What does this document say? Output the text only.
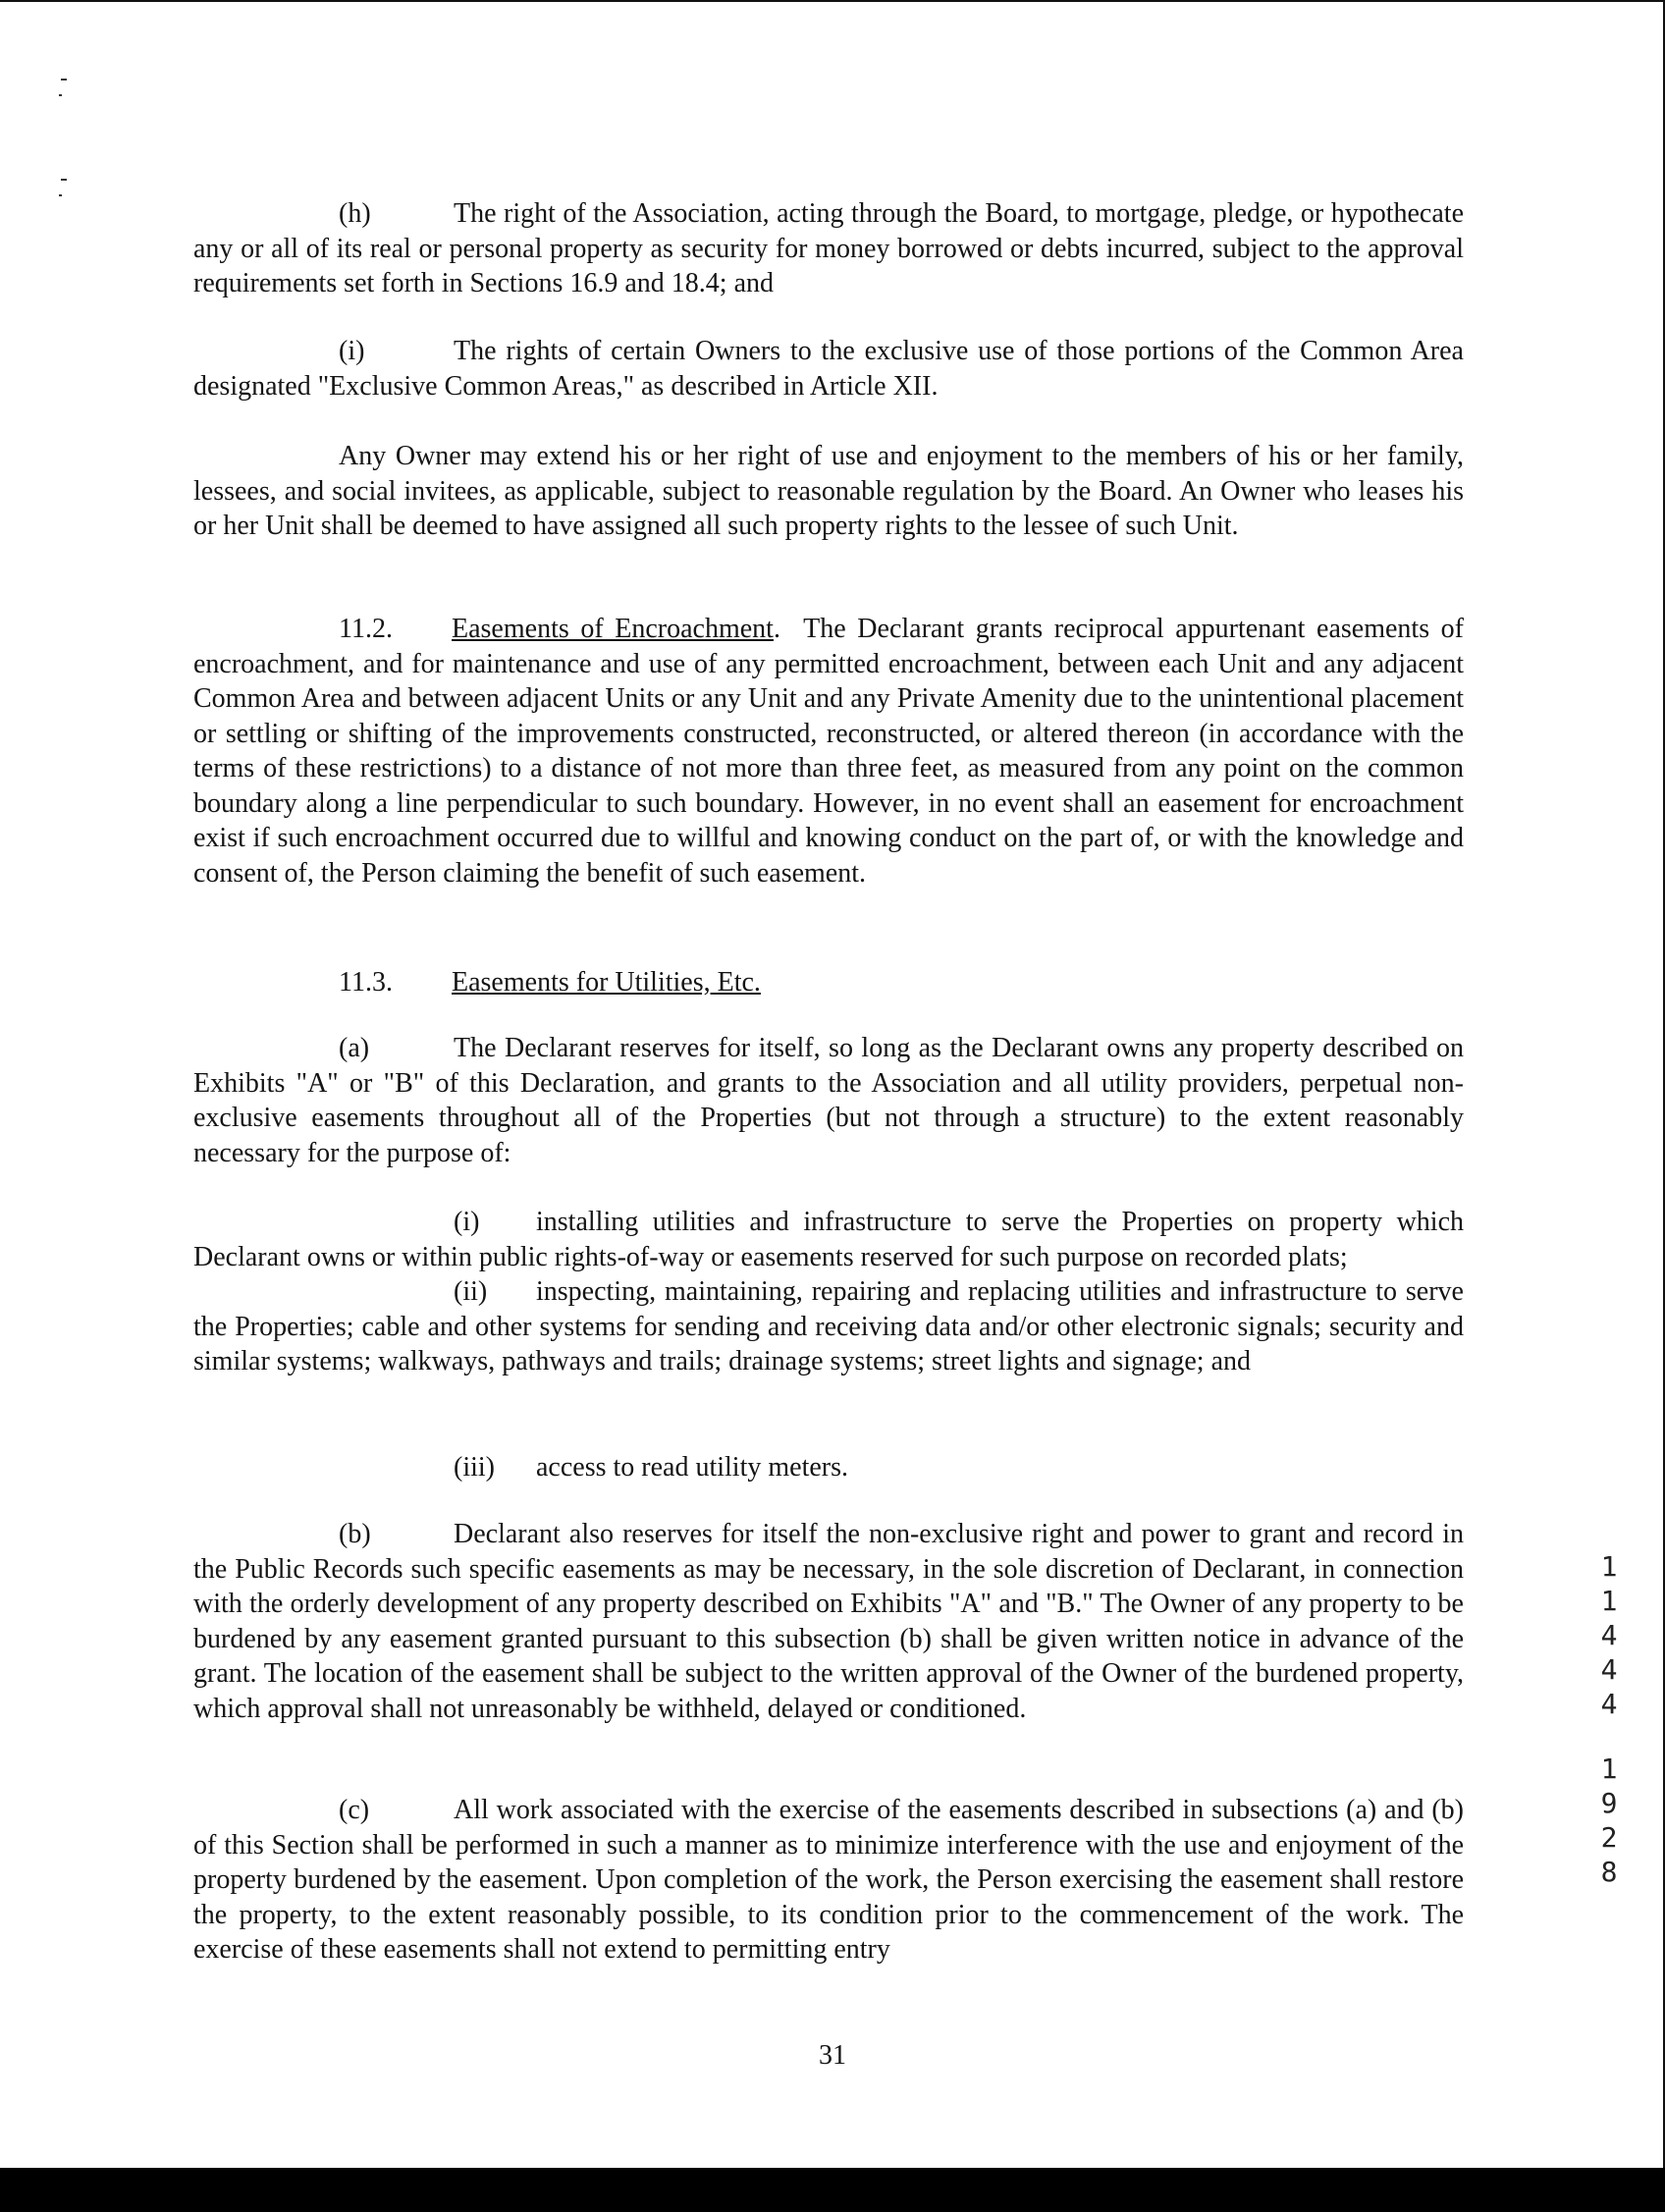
(h)	The right of the Association, acting through the Board, to mortgage, pledge, or hypothecate any or all of its real or personal property as security for money borrowed or debts incurred, subject to the approval requirements set forth in Sections 16.9 and 18.4; and

(i)	The rights of certain Owners to the exclusive use of those portions of the Common Area designated "Exclusive Common Areas," as described in Article XII.

Any Owner may extend his or her right of use and enjoyment to the members of his or her family, lessees, and social invitees, as applicable, subject to reasonable regulation by the Board. An Owner who leases his or her Unit shall be deemed to have assigned all such property rights to the lessee of such Unit.

11.2. Easements of Encroachment.  The Declarant grants reciprocal appurtenant easements of encroachment, and for maintenance and use of any permitted encroachment, between each Unit and any adjacent Common Area and between adjacent Units or any Unit and any Private Amenity due to the unintentional placement or settling or shifting of the improvements constructed, reconstructed, or altered thereon (in accordance with the terms of these restrictions) to a distance of not more than three feet, as measured from any point on the common boundary along a line perpendicular to such boundary. However, in no event shall an easement for encroachment exist if such encroachment occurred due to willful and knowing conduct on the part of, or with the knowledge and consent of, the Person claiming the benefit of such easement.

11.3. Easements for Utilities, Etc.

(a)	The Declarant reserves for itself, so long as the Declarant owns any property described on Exhibits "A" or "B" of this Declaration, and grants to the Association and all utility providers, perpetual non-exclusive easements throughout all of the Properties (but not through a structure) to the extent reasonably necessary for the purpose of:

(i) installing utilities and infrastructure to serve the Properties on property which Declarant owns or within public rights-of-way or easements reserved for such purpose on recorded plats;

(ii) inspecting, maintaining, repairing and replacing utilities and infrastructure to serve the Properties; cable and other systems for sending and receiving data and/or other electronic signals; security and similar systems; walkways, pathways and trails; drainage systems; street lights and signage; and

(iii) access to read utility meters.

(b)	Declarant also reserves for itself the non-exclusive right and power to grant and record in the Public Records such specific easements as may be necessary, in the sole discretion of Declarant, in connection with the orderly development of any property described on Exhibits "A" and "B." The Owner of any property to be burdened by any easement granted pursuant to this subsection (b) shall be given written notice in advance of the grant. The location of the easement shall be subject to the written approval of the Owner of the burdened property, which approval shall not unreasonably be withheld, delayed or conditioned.

(c)	All work associated with the exercise of the easements described in subsections (a) and (b) of this Section shall be performed in such a manner as to minimize interference with the use and enjoyment of the property burdened by the easement. Upon completion of the work, the Person exercising the easement shall restore the property, to the extent reasonably possible, to its condition prior to the commencement of the work. The exercise of these easements shall not extend to permitting entry

31
1
1
4
4
4
1
9
2
8
